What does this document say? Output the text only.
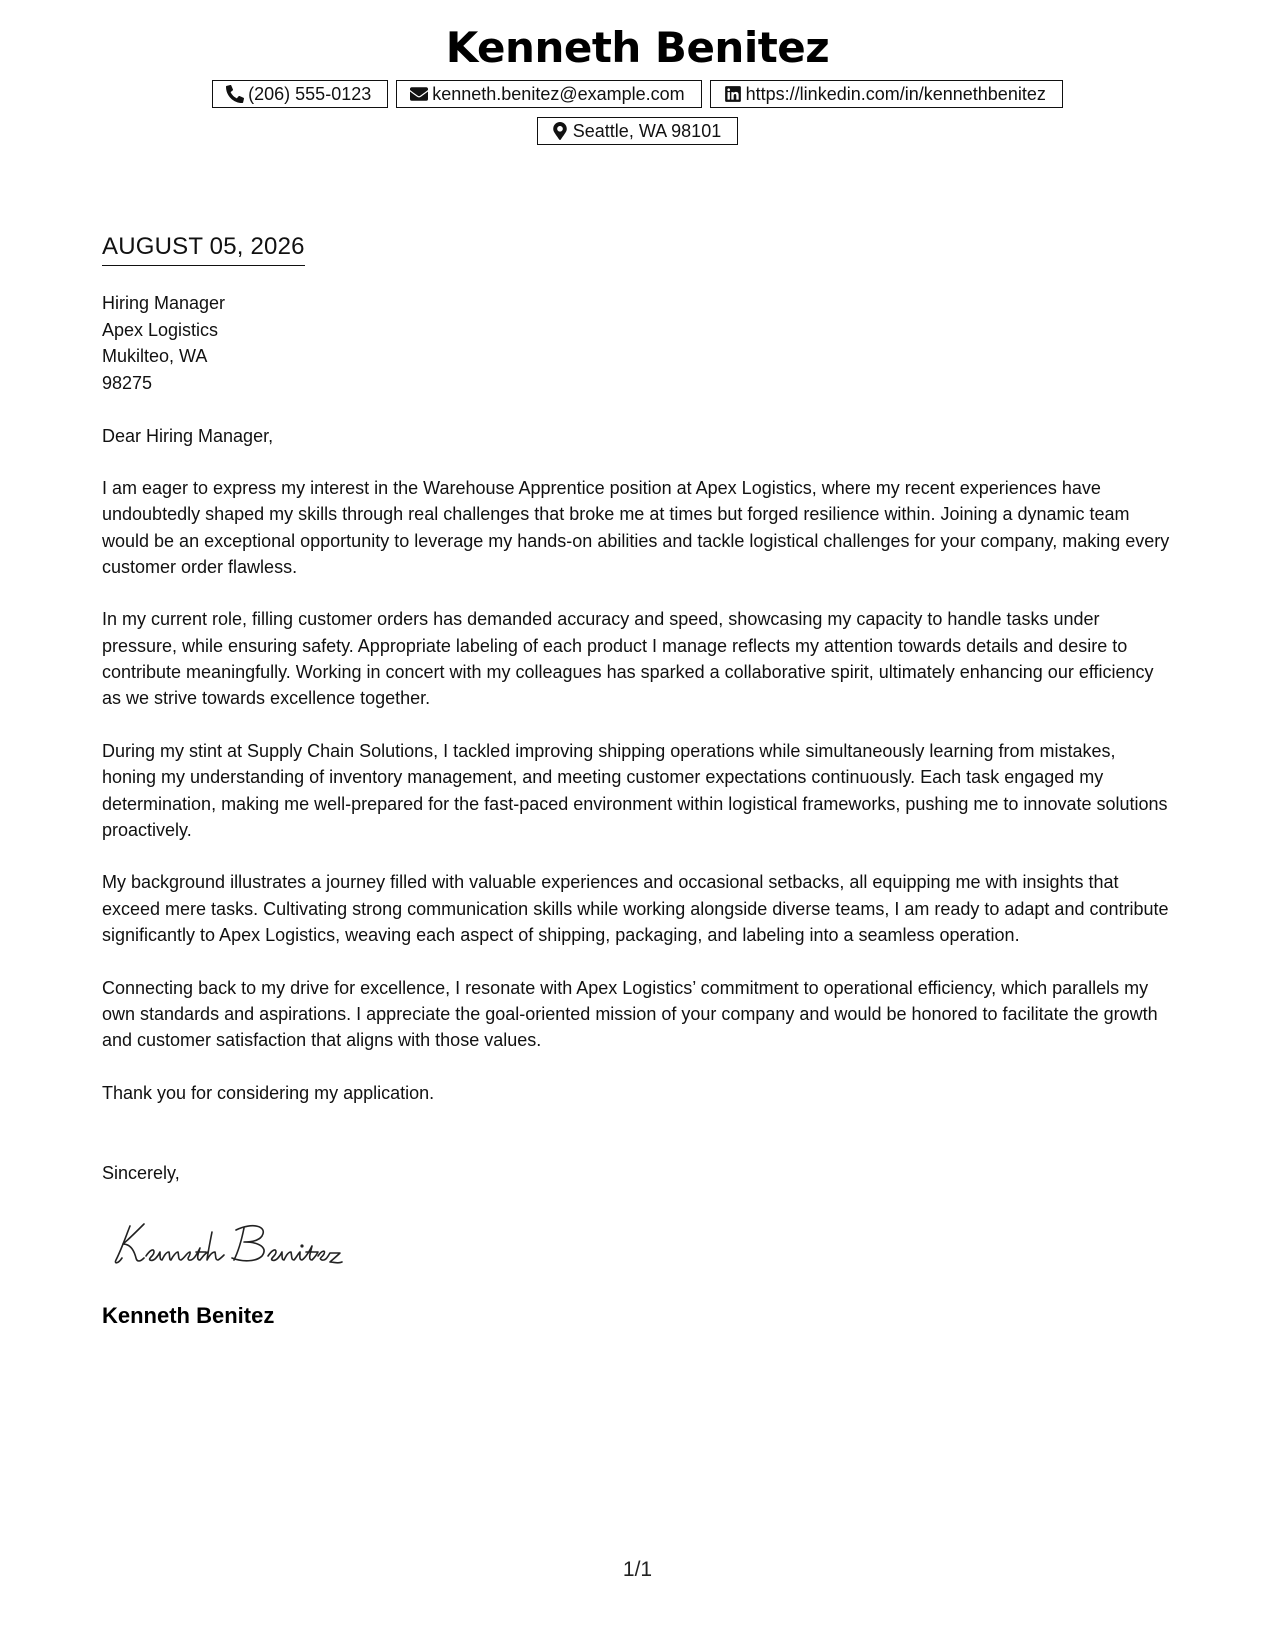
Kenneth Benitez
(206) 555-0123	kenneth.benitez@example.com	https://linkedin.com/in/kennethbenitez
Seattle, WA 98101
AUGUST 05, 2026
Hiring Manager
Apex Logistics
Mukilteo, WA
98275
Dear Hiring Manager,

I am eager to express my interest in the Warehouse Apprentice position at Apex Logistics, where my recent experiences have undoubtedly shaped my skills through real challenges that broke me at times but forged resilience within. Joining a dynamic team would be an exceptional opportunity to leverage my hands-on abilities and tackle logistical challenges for your company, making every customer order flawless.

In my current role, filling customer orders has demanded accuracy and speed, showcasing my capacity to handle tasks under pressure, while ensuring safety. Appropriate labeling of each product I manage reflects my attention towards details and desire to contribute meaningfully. Working in concert with my colleagues has sparked a collaborative spirit, ultimately enhancing our efficiency as we strive towards excellence together.

During my stint at Supply Chain Solutions, I tackled improving shipping operations while simultaneously learning from mistakes, honing my understanding of inventory management, and meeting customer expectations continuously. Each task engaged my determination, making me well-prepared for the fast-paced environment within logistical frameworks, pushing me to innovate solutions proactively.

My background illustrates a journey filled with valuable experiences and occasional setbacks, all equipping me with insights that exceed mere tasks. Cultivating strong communication skills while working alongside diverse teams, I am ready to adapt and contribute significantly to Apex Logistics, weaving each aspect of shipping, packaging, and labeling into a seamless operation.

Connecting back to my drive for excellence, I resonate with Apex Logistics’ commitment to operational efficiency, which parallels my own standards and aspirations. I appreciate the goal-oriented mission of your company and would be honored to facilitate the growth and customer satisfaction that aligns with those values.

Thank you for considering my application.

Sincerely,
Kenneth Benitez
1/1
